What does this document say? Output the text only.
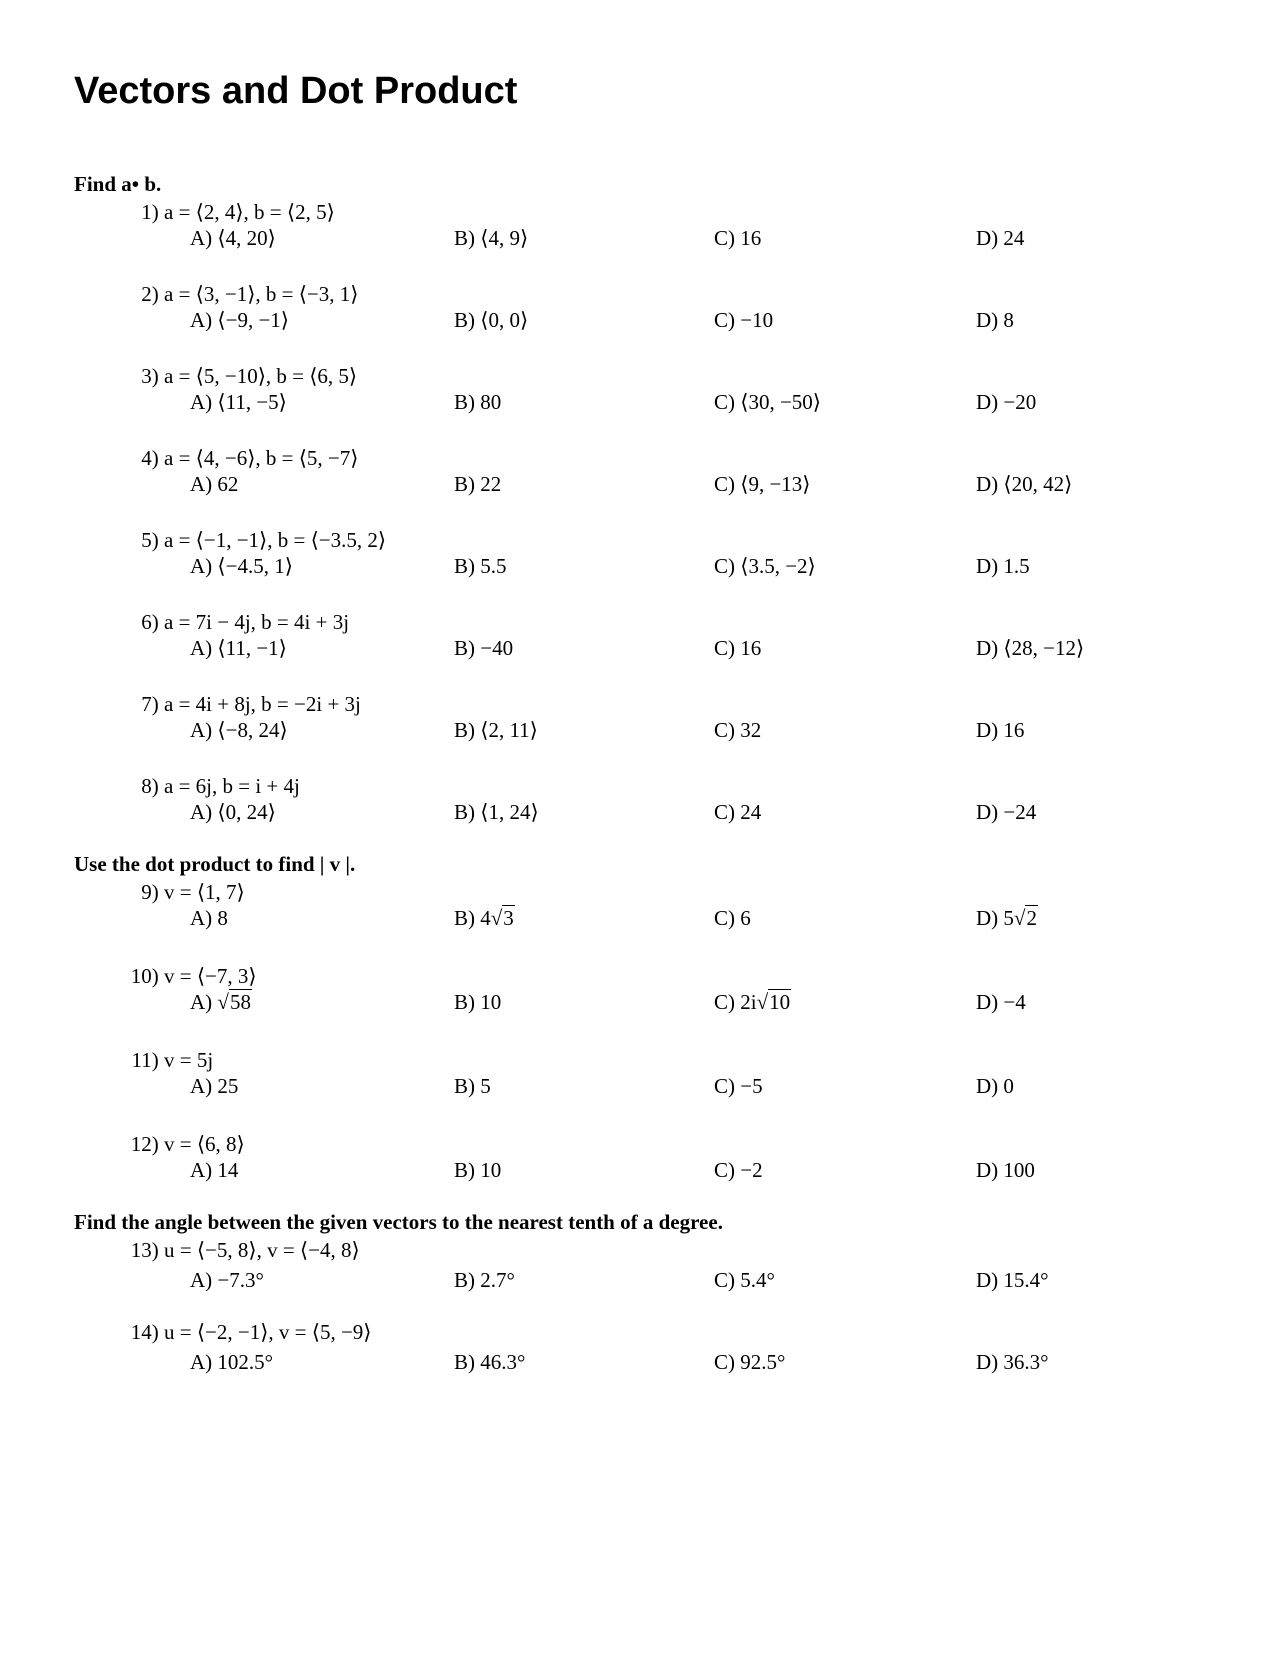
Vectors and Dot Product
Find a• b.
1) a = ⟨2, 4⟩, b = ⟨2, 5⟩
A) ⟨4, 20⟩	B) ⟨4, 9⟩	C) 16	D) 24
2) a = ⟨3, −1⟩, b = ⟨−3, 1⟩
A) ⟨−9, −1⟩	B) ⟨0, 0⟩	C) −10	D) 8
3) a = ⟨5, −10⟩, b = ⟨6, 5⟩
A) ⟨11, −5⟩	B) 80	C) ⟨30, −50⟩	D) −20
4) a = ⟨4, −6⟩, b = ⟨5, −7⟩
A) 62	B) 22	C) ⟨9, −13⟩	D) ⟨20, 42⟩
5) a = ⟨−1, −1⟩, b = ⟨−3.5, 2⟩
A) ⟨−4.5, 1⟩	B) 5.5	C) ⟨3.5, −2⟩	D) 1.5
6) a = 7i − 4j, b = 4i + 3j
A) ⟨11, −1⟩	B) −40	C) 16	D) ⟨28, −12⟩
7) a = 4i + 8j, b = −2i + 3j
A) ⟨−8, 24⟩	B) ⟨2, 11⟩	C) 32	D) 16
8) a = 6j, b = i + 4j
A) ⟨0, 24⟩	B) ⟨1, 24⟩	C) 24	D) −24
Use the dot product to find | v |.
9) v = ⟨1, 7⟩
A) 8	B) 4√3	C) 6	D) 5√2
10) v = ⟨−7, 3⟩
A) √58	B) 10	C) 2i√10	D) −4
11) v = 5j
A) 25	B) 5	C) −5	D) 0
12) v = ⟨6, 8⟩
A) 14	B) 10	C) −2	D) 100
Find the angle between the given vectors to the nearest tenth of a degree.
13) u = ⟨−5, 8⟩, v = ⟨−4, 8⟩
A) −7.3°	B) 2.7°	C) 5.4°	D) 15.4°
14) u = ⟨−2, −1⟩, v = ⟨5, −9⟩
A) 102.5°	B) 46.3°	C) 92.5°	D) 36.3°
